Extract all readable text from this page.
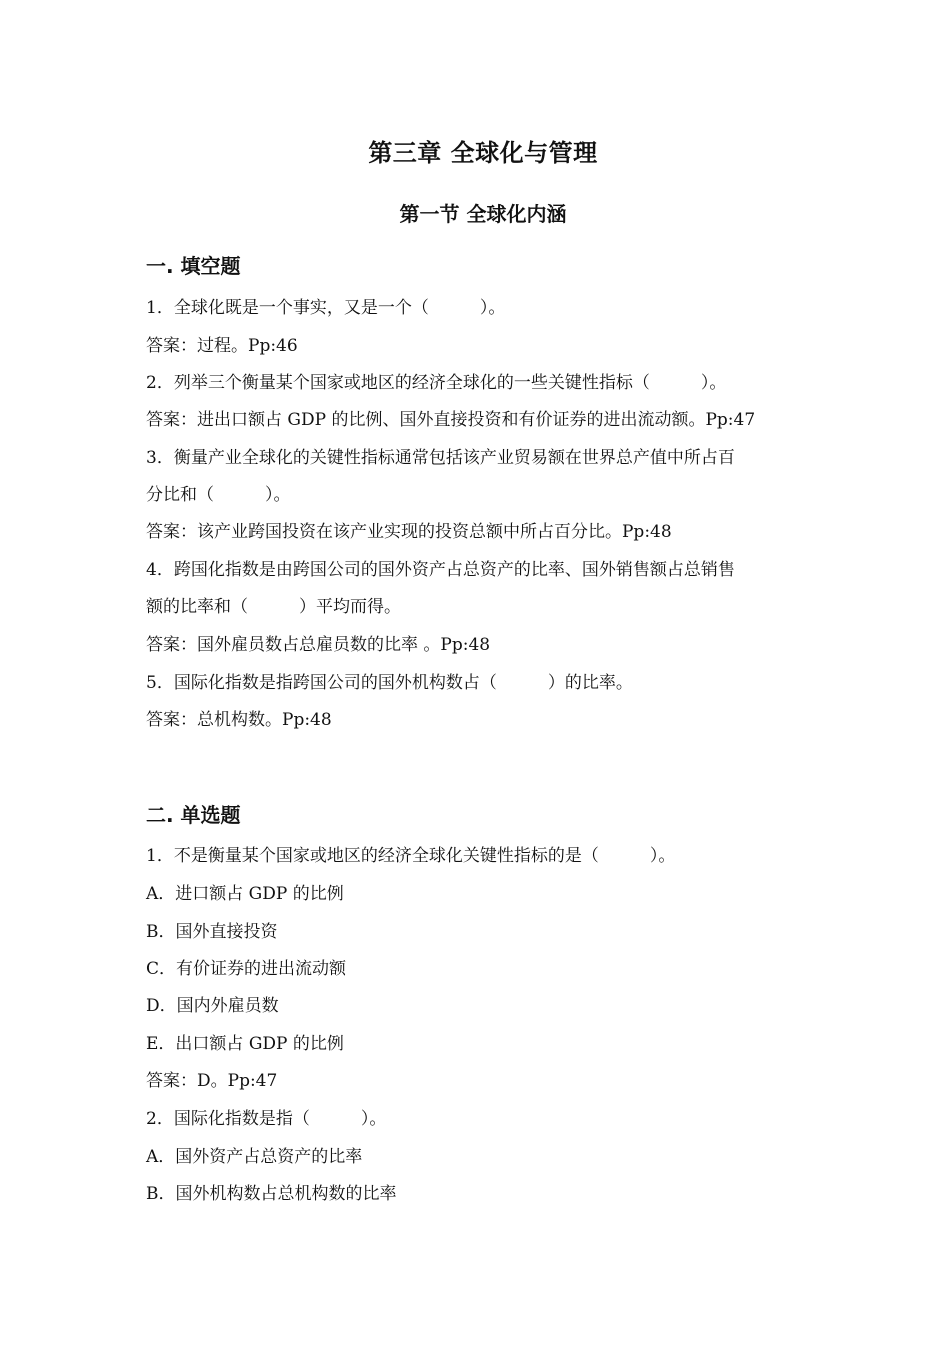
第三章 全球化与管理
第一节 全球化内涵
一. 填空题
1．全球化既是一个事实，又是一个（　　　）。
答案：过程。Pp:46
2．列举三个衡量某个国家或地区的经济全球化的一些关键性指标（　　　）。
答案：进出口额占 GDP 的比例、国外直接投资和有价证券的进出流动额。Pp:47
3．衡量产业全球化的关键性指标通常包括该产业贸易额在世界总产值中所占百
分比和（　　　）。
答案：该产业跨国投资在该产业实现的投资总额中所占百分比。Pp:48
4．跨国化指数是由跨国公司的国外资产占总资产的比率、国外销售额占总销售
额的比率和（　　　）平均而得。
答案：国外雇员数占总雇员数的比率 。Pp:48
5．国际化指数是指跨国公司的国外机构数占（　　　）的比率。
答案：总机构数。Pp:48
二. 单选题
1．不是衡量某个国家或地区的经济全球化关键性指标的是（　　　）。
A．进口额占 GDP 的比例
B．国外直接投资
C．有价证券的进出流动额
D．国内外雇员数
E．出口额占 GDP 的比例
答案：D。Pp:47
2．国际化指数是指（　　　）。
A．国外资产占总资产的比率
B．国外机构数占总机构数的比率
